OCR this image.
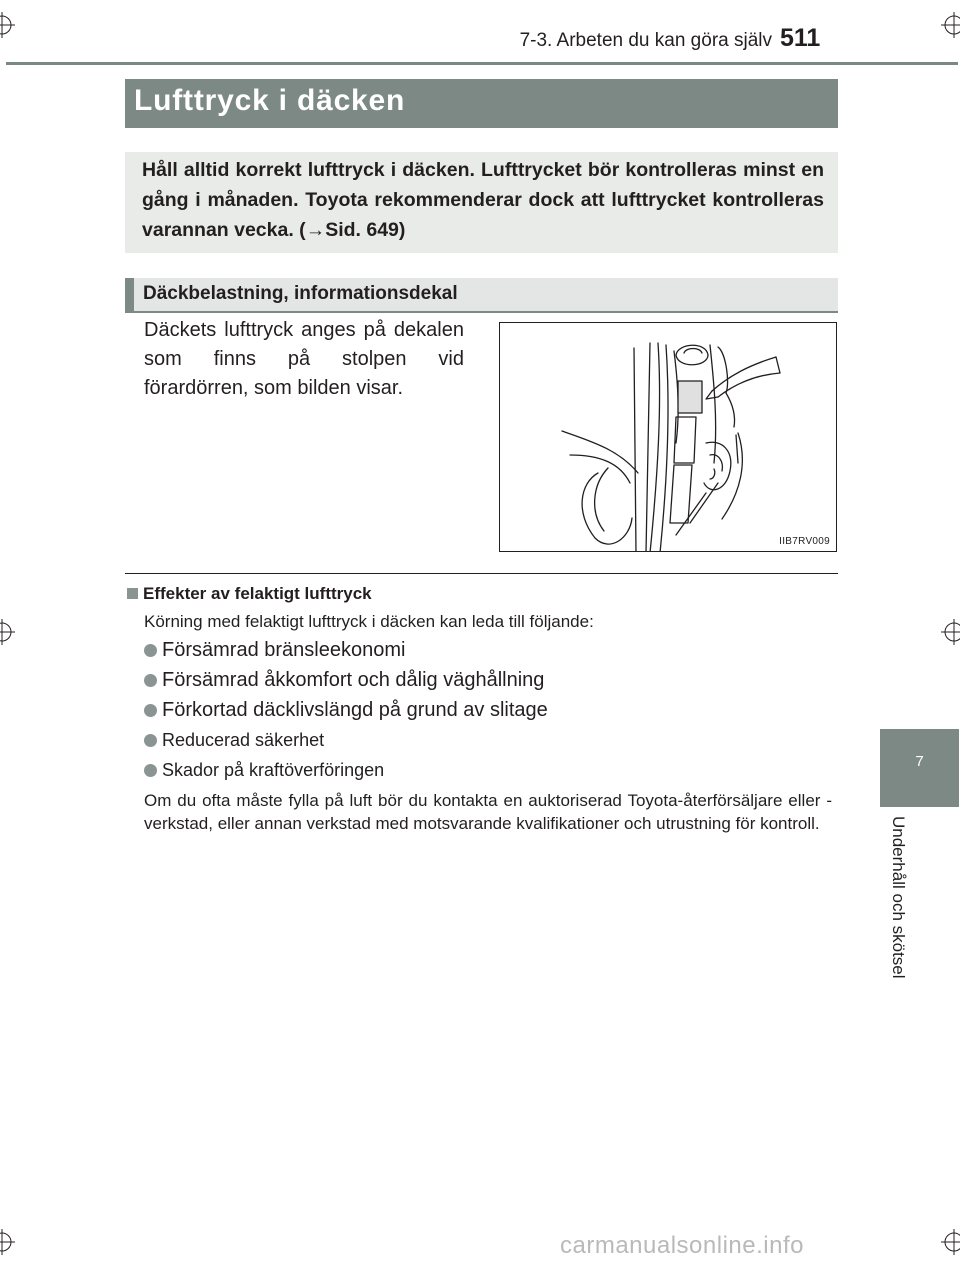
7-3. Arbeten du kan göra själv 511
Lufttryck i däcken
Håll alltid korrekt lufttryck i däcken. Lufttrycket bör kontrolleras minst en gång i månaden. Toyota rekommenderar dock att lufttrycket kontrolleras varannan vecka. (→Sid. 649)
Däckbelastning, informationsdekal
Däckets lufttryck anges på dekalen som finns på stolpen vid förardörren, som bilden visar.
IIB7RV009
Effekter av felaktigt lufttryck
Körning med felaktigt lufttryck i däcken kan leda till följande:
Försämrad bränsleekonomi
Försämrad åkkomfort och dålig väghållning
Förkortad däcklivslängd på grund av slitage
Reducerad säkerhet
Skador på kraftöverföringen
Om du ofta måste fylla på luft bör du kontakta en auktoriserad Toyota-återförsäljare eller -verkstad, eller annan verkstad med motsvarande kvalifikationer och utrustning för kontroll.
7
Underhåll och skötsel
carmanualsonline.info
